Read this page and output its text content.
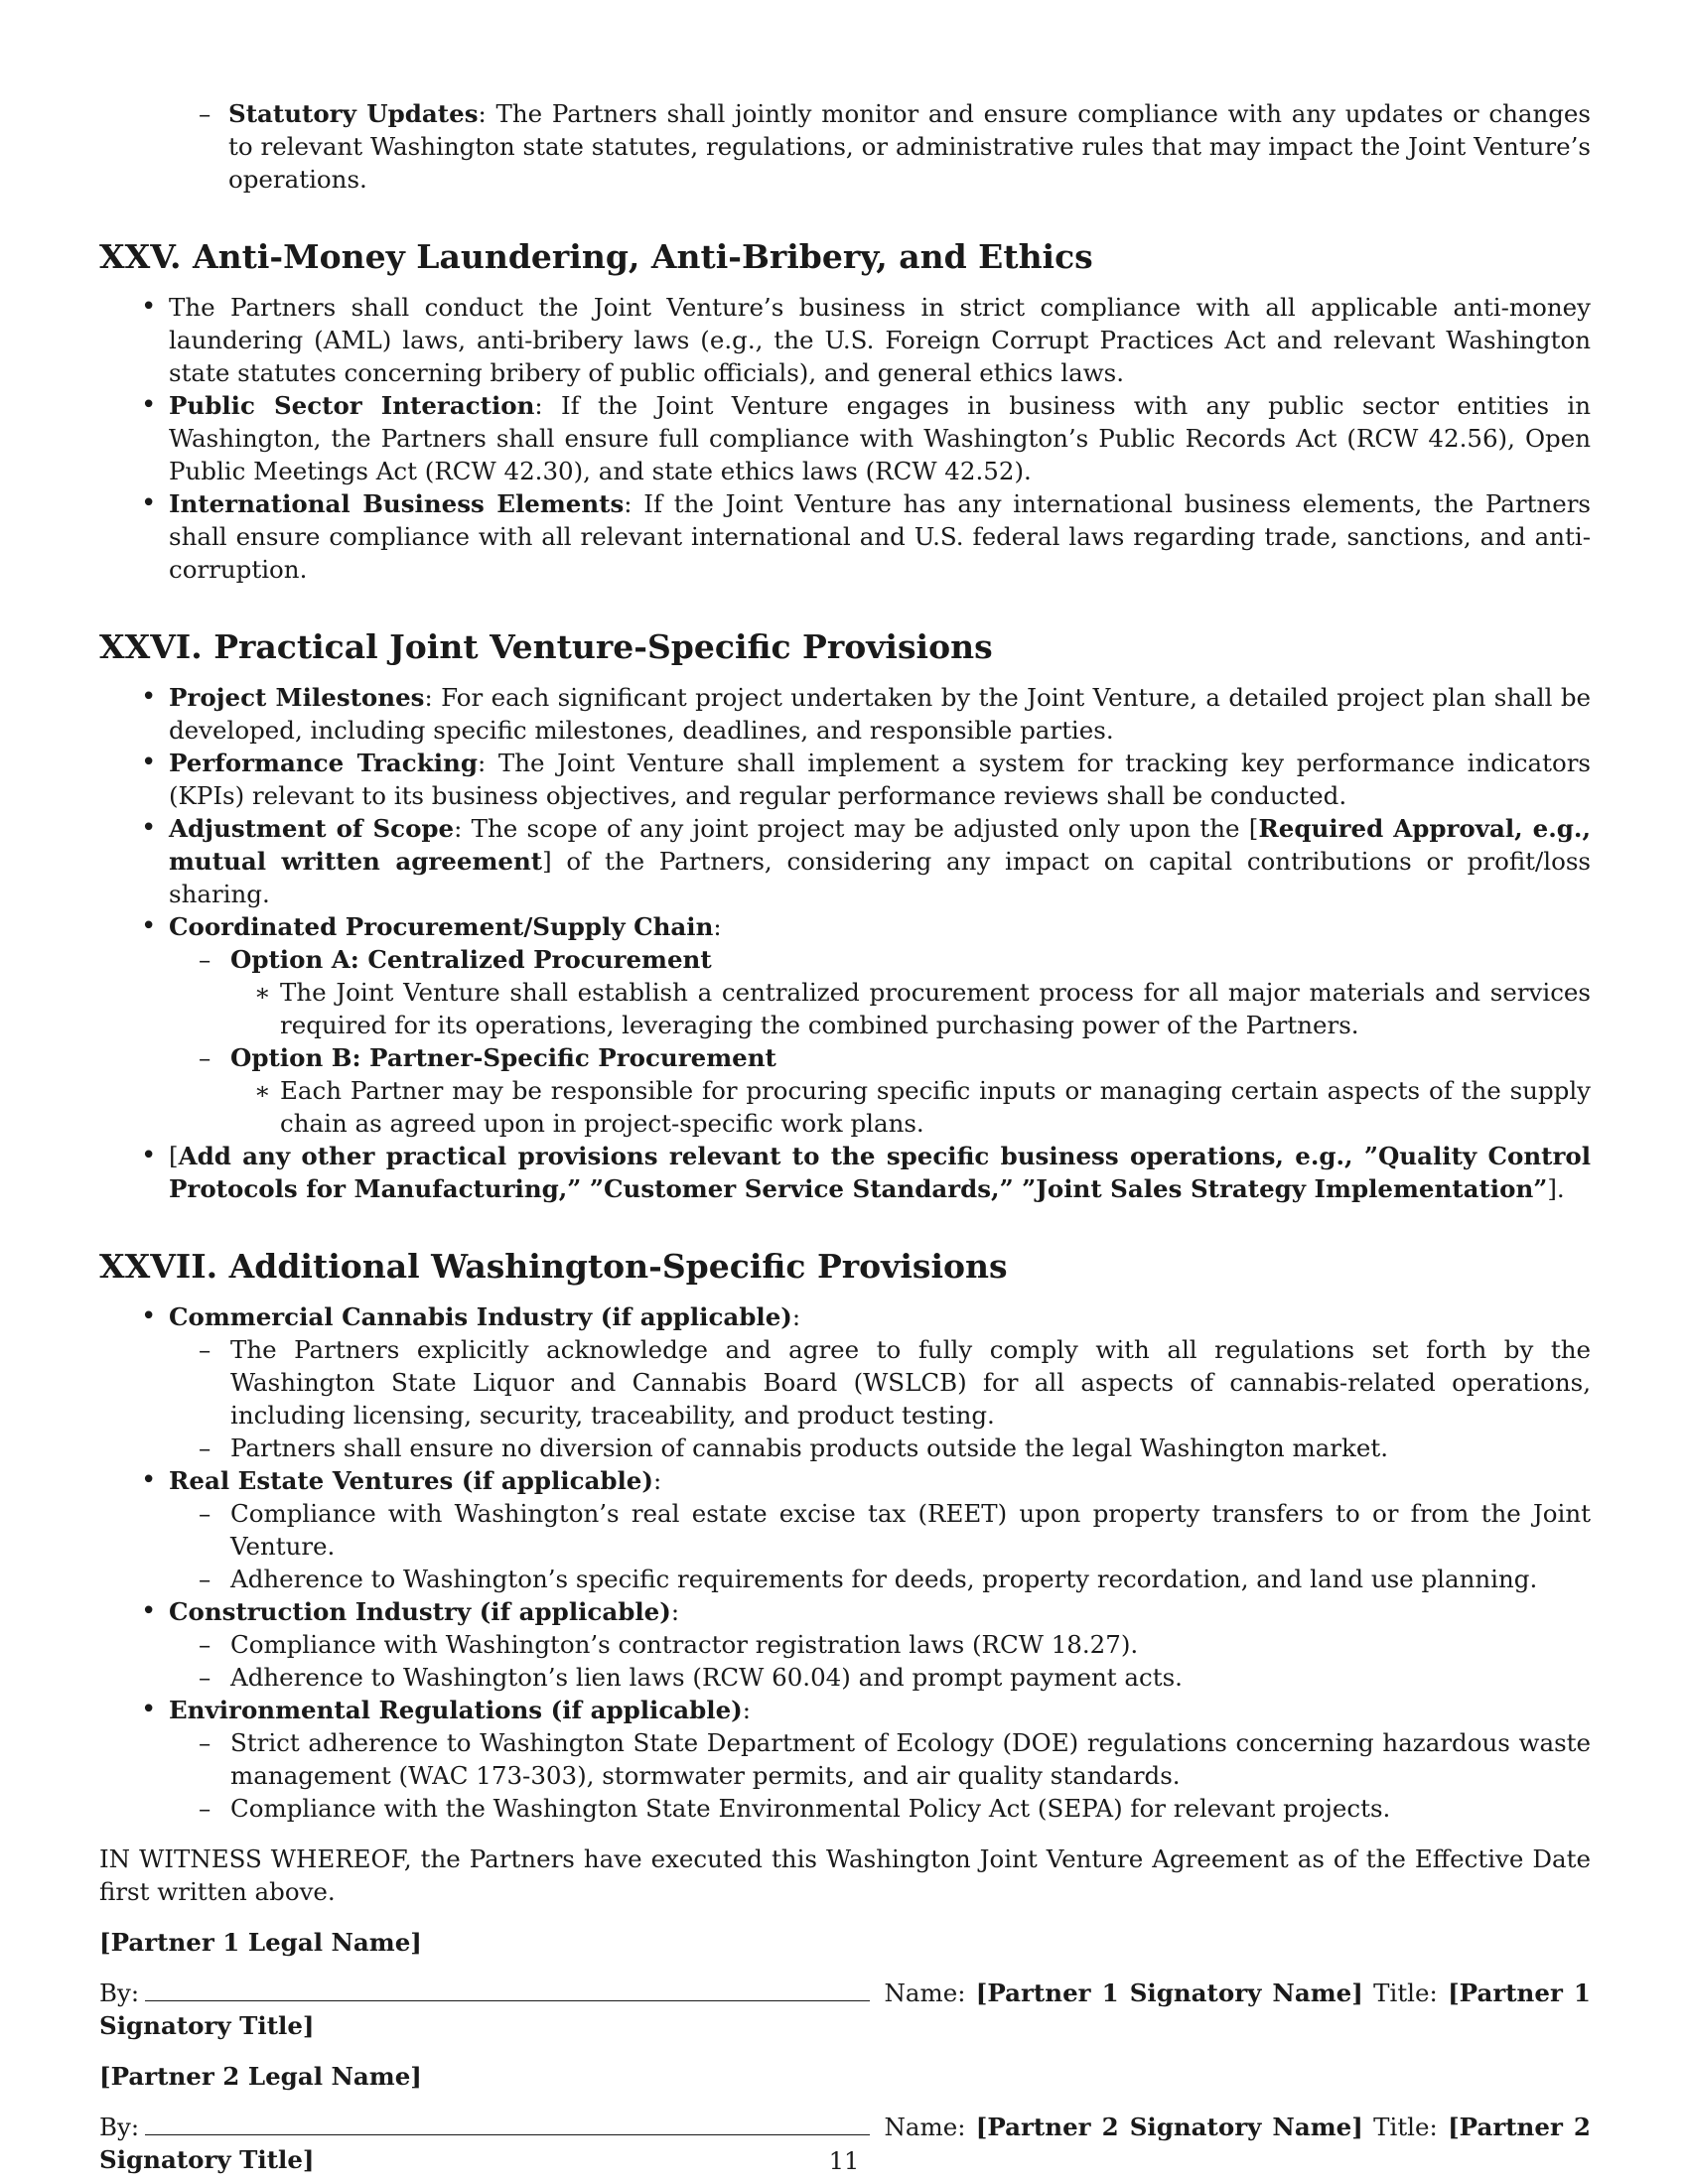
– Statutory Updates: The Partners shall jointly monitor and ensure compliance with any updates or changes to relevant Washington state statutes, regulations, or administrative rules that may impact the Joint Venture’s operations.
XXV. Anti-Money Laundering, Anti-Bribery, and Ethics
• The Partners shall conduct the Joint Venture’s business in strict compliance with all applicable anti-money laundering (AML) laws, anti-bribery laws (e.g., the U.S. Foreign Corrupt Practices Act and relevant Washington state statutes concerning bribery of public officials), and general ethics laws.
• Public Sector Interaction: If the Joint Venture engages in business with any public sector entities in Washington, the Partners shall ensure full compliance with Washington’s Public Records Act (RCW 42.56), Open Public Meetings Act (RCW 42.30), and state ethics laws (RCW 42.52).
• International Business Elements: If the Joint Venture has any international business elements, the Partners shall ensure compliance with all relevant international and U.S. federal laws regarding trade, sanctions, and anti-corruption.
XXVI. Practical Joint Venture-Specific Provisions
• Project Milestones: For each significant project undertaken by the Joint Venture, a detailed project plan shall be developed, including specific milestones, deadlines, and responsible parties.
• Performance Tracking: The Joint Venture shall implement a system for tracking key performance indicators (KPIs) relevant to its business objectives, and regular performance reviews shall be conducted.
• Adjustment of Scope: The scope of any joint project may be adjusted only upon the [Required Approval, e.g., mutual written agreement] of the Partners, considering any impact on capital contributions or profit/loss sharing.
• Coordinated Procurement/Supply Chain:
– Option A: Centralized Procurement
∗ The Joint Venture shall establish a centralized procurement process for all major materials and services required for its operations, leveraging the combined purchasing power of the Partners.
– Option B: Partner-Specific Procurement
∗ Each Partner may be responsible for procuring specific inputs or managing certain aspects of the supply chain as agreed upon in project-specific work plans.
• [Add any other practical provisions relevant to the specific business operations, e.g., ”Quality Control Protocols for Manufacturing,” ”Customer Service Standards,” ”Joint Sales Strategy Implementation”].
XXVII. Additional Washington-Specific Provisions
• Commercial Cannabis Industry (if applicable):
– The Partners explicitly acknowledge and agree to fully comply with all regulations set forth by the Washington State Liquor and Cannabis Board (WSLCB) for all aspects of cannabis-related operations, including licensing, security, traceability, and product testing.
– Partners shall ensure no diversion of cannabis products outside the legal Washington market.
• Real Estate Ventures (if applicable):
– Compliance with Washington’s real estate excise tax (REET) upon property transfers to or from the Joint Venture.
– Adherence to Washington’s specific requirements for deeds, property recordation, and land use planning.
• Construction Industry (if applicable):
– Compliance with Washington’s contractor registration laws (RCW 18.27).
– Adherence to Washington’s lien laws (RCW 60.04) and prompt payment acts.
• Environmental Regulations (if applicable):
– Strict adherence to Washington State Department of Ecology (DOE) regulations concerning hazardous waste management (WAC 173-303), stormwater permits, and air quality standards.
– Compliance with the Washington State Environmental Policy Act (SEPA) for relevant projects.
IN WITNESS WHEREOF, the Partners have executed this Washington Joint Venture Agreement as of the Effective Date first written above.
[Partner 1 Legal Name]
By:	Name: [Partner 1 Signatory Name] Title: [Partner 1 Signatory Title]
[Partner 2 Legal Name]
By:	Name: [Partner 2 Signatory Name] Title: [Partner 2 Signatory Title]	11
